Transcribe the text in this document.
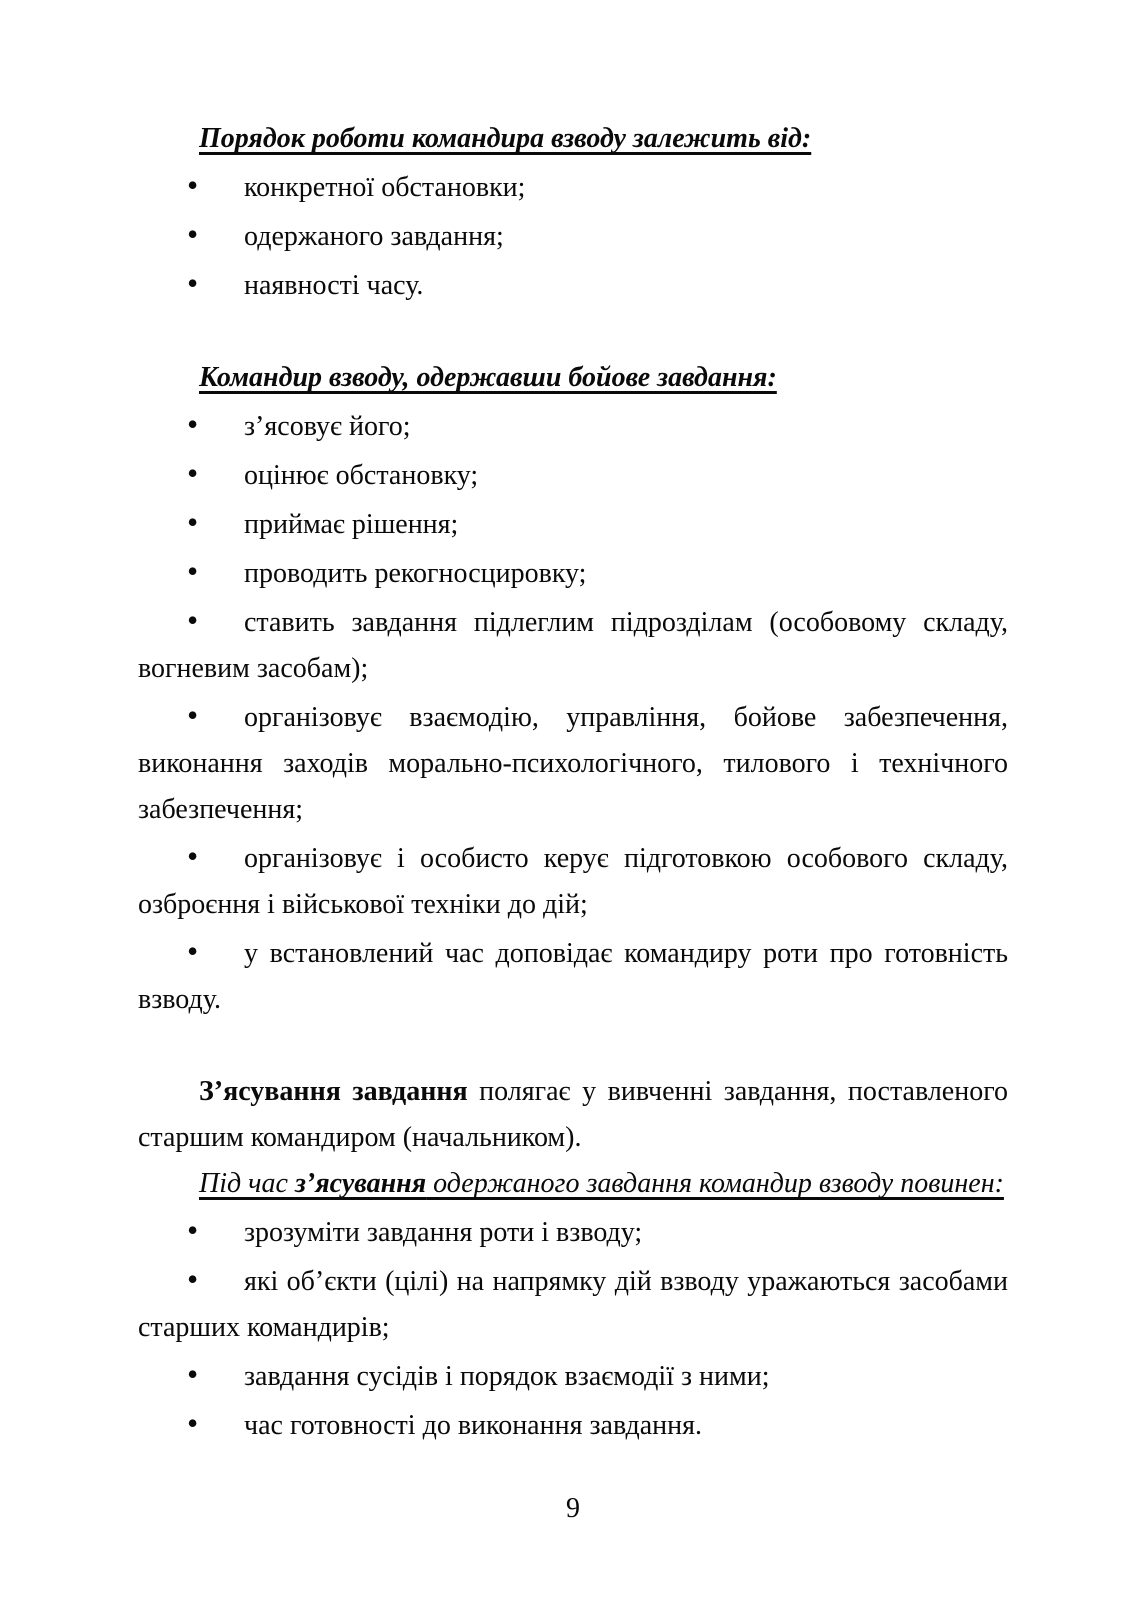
Порядок роботи командира взводу залежить від:
• конкретної обстановки;
• одержаного завдання;
• наявності часу.
Командир взводу, одержавши бойове завдання:
• з’ясовує його;
• оцінює обстановку;
• приймає рішення;
• проводить рекогносцировку;
• ставить завдання підлеглим підрозділам (особовому складу, вогневим засобам);
• організовує взаємодію, управління, бойове забезпечення, виконання заходів морально-психологічного, тилового і технічного забезпечення;
• організовує і особисто керує підготовкою особового складу, озброєння і військової техніки до дій;
• у встановлений час доповідає командиру роти про готовність взводу.
З’ясування завдання полягає у вивченні завдання, поставленого старшим командиром (начальником).
Під час з’ясування одержаного завдання командир взводу повинен:
• зрозуміти завдання роти і взводу;
• які об’єкти (цілі) на напрямку дій взводу уражаються засобами старших командирів;
• завдання сусідів і порядок взаємодії з ними;
• час готовності до виконання завдання.
9
